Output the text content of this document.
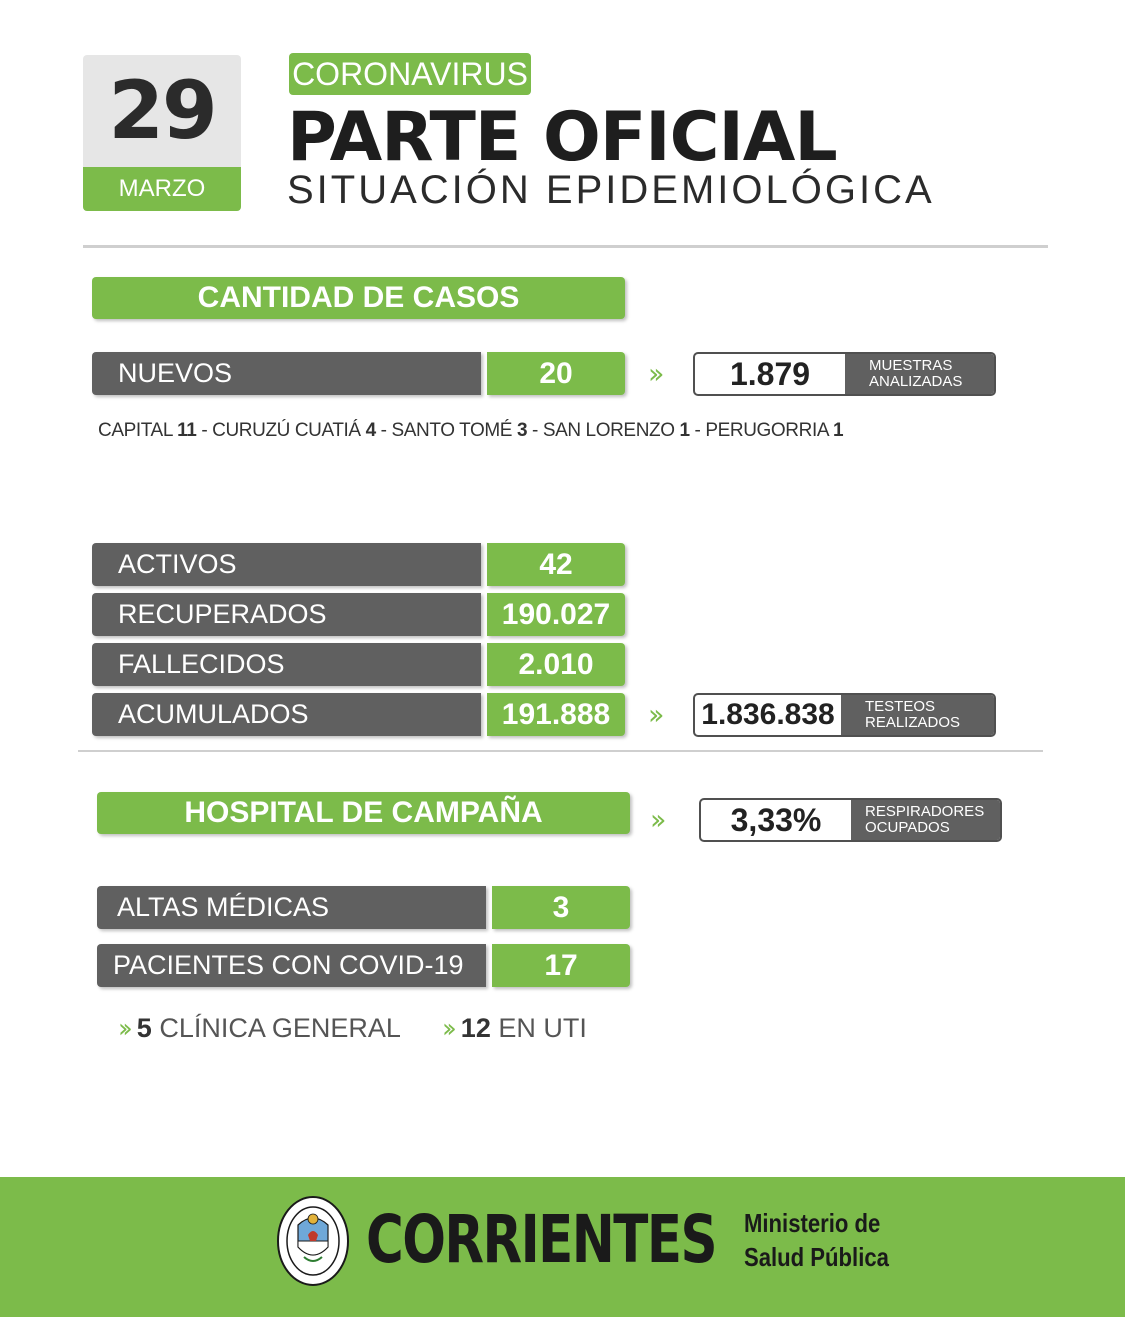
29
MARZO
CORONAVIRUS
PARTE OFICIAL
SITUACIÓN EPIDEMIOLÓGICA
CANTIDAD DE CASOS
NUEVOS	20	››	1.879	MUESTRAS
ANALIZADAS
CAPITAL 11 - CURUZÚ CUATIÁ 4 - SANTO TOMÉ 3 - SAN LORENZO 1 - PERUGORRIA 1
ACTIVOS	42
RECUPERADOS	190.027
FALLECIDOS	2.010
ACUMULADOS	191.888	›› 1.836.838	TESTEOS
REALIZADOS
HOSPITAL DE CAMPAÑA	››	3,33%	RESPIRADORES
OCUPADOS
ALTAS MÉDICAS	3
PACIENTES CON COVID-19	17
›› 5 CLÍNICA GENERAL ›› 12 EN UTI
CORRIENTES Ministerio de
Salud Pública
